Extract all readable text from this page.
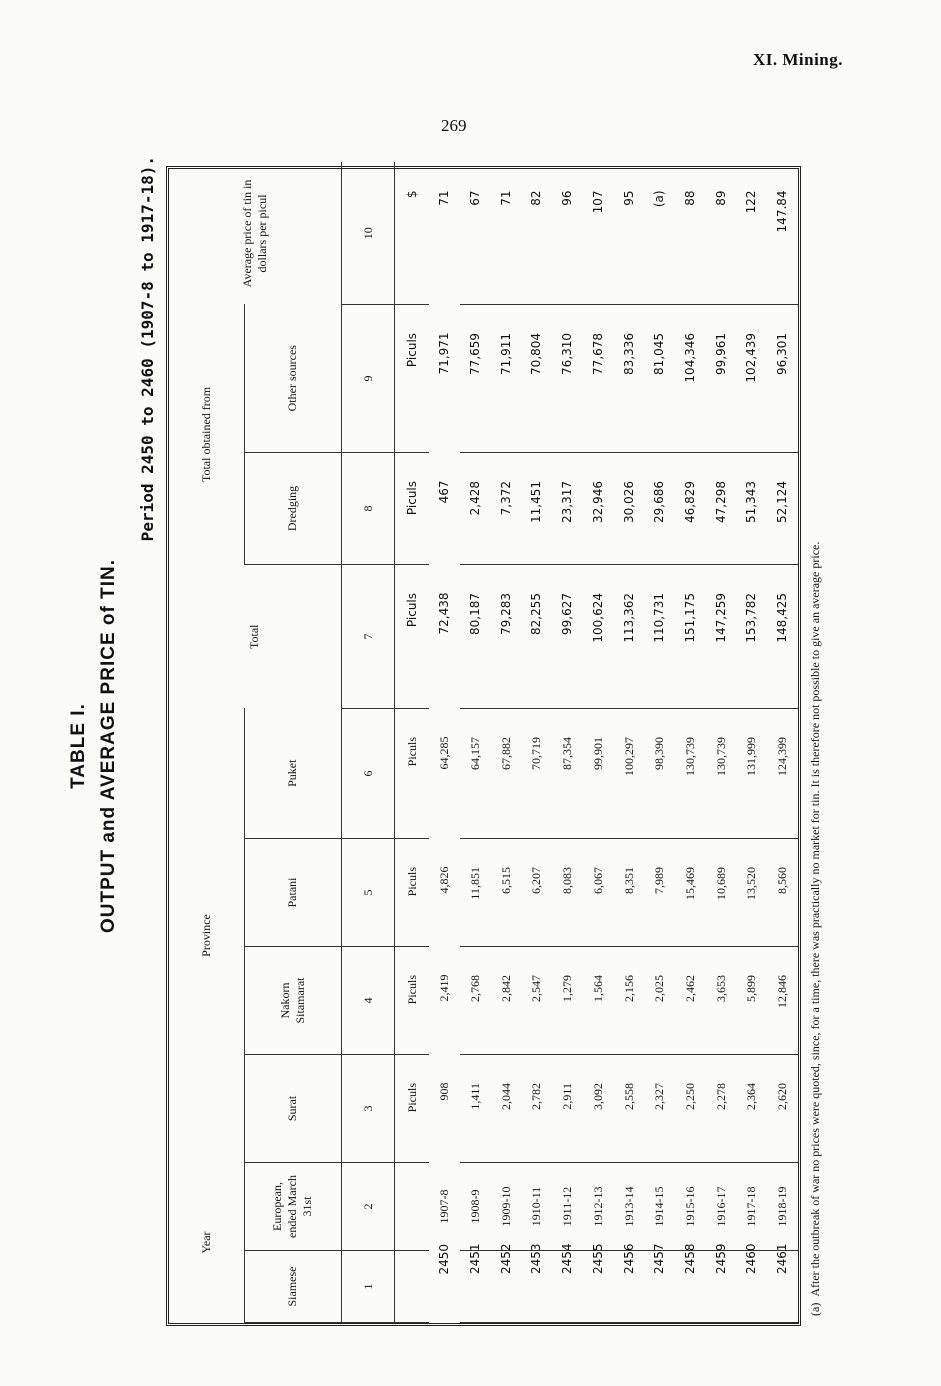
XI. Mining.
269
TABLE I. OUTPUT and AVERAGE PRICE of TIN.
Period 2450 to 2460 (1907-8 to 1917-18).
Year		Province				Total	Total obtained from		Average price of tin in dollars per picul
Siamese	European, ended March 31st	Surat	Nakorn Sitamarat	Patani	Puket		Dredging	Other sources	
1	2	3	4	5	6	7	8	9	10
		Piculs	Piculs	Piculs	Piculs	Piculs	Piculs	Piculs	$
2450	1907-8	908	2,419	4,826	64,285	72,438	467	71,971	71
2451	1908-9	1,411	2,768	11,851	64,157	80,187	2,428	77,659	67
2452	1909-10	2,044	2,842	6,515	67,882	79,283	7,372	71,911	71
2453	1910-11	2,782	2,547	6,207	70,719	82,255	11,451	70,804	82
2454	1911-12	2,911	1,279	8,083	87,354	99,627	23,317	76,310	96
2455	1912-13	3,092	1,564	6,067	99,901	100,624	32,946	77,678	107
2456	1913-14	2,558	2,156	8,351	100,297	113,362	30,026	83,336	95
2457	1914-15	2,327	2,025	7,989	98,390	110,731	29,686	81,045	(a)
2458	1915-16	2,250	2,462	15,469	130,739	151,175	46,829	104,346	88
2459	1916-17	2,278	3,653	10,689	130,739	147,259	47,298	99,961	89
2460	1917-18	2,364	5,899	13,520	131,999	153,782	51,343	102,439	122
2461	1918-19	2,620	12,846	8,560	124,399	148,425	52,124	96,301	147.84

(a)  After the outbreak of war no prices were quoted, since, for a time, there was practically no market for tin. It is therefore not possible to give an average price.
